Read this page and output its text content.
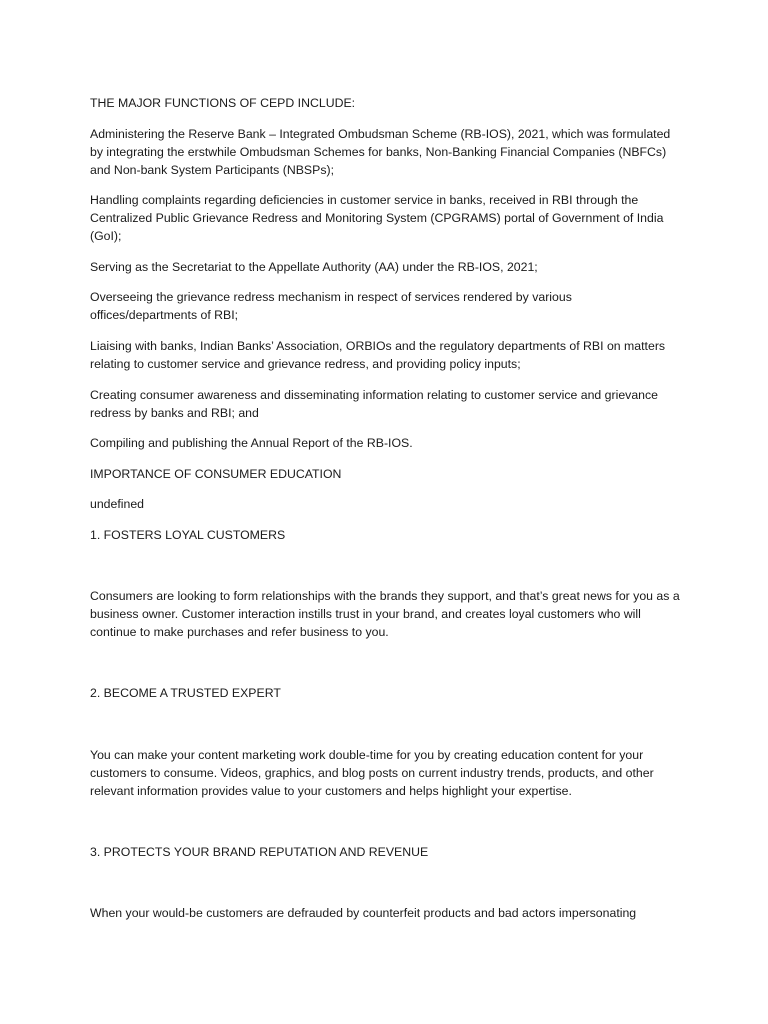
THE MAJOR FUNCTIONS OF CEPD INCLUDE:

Administering the Reserve Bank – Integrated Ombudsman Scheme (RB-IOS), 2021, which was formulated by integrating the erstwhile Ombudsman Schemes for banks, Non-Banking Financial Companies (NBFCs) and Non-bank System Participants (NBSPs);

Handling complaints regarding deficiencies in customer service in banks, received in RBI through the Centralized Public Grievance Redress and Monitoring System (CPGRAMS) portal of Government of India (GoI);

Serving as the Secretariat to the Appellate Authority (AA) under the RB-IOS, 2021;

Overseeing the grievance redress mechanism in respect of services rendered by various offices/departments of RBI;

Liaising with banks, Indian Banks’ Association, ORBIOs and the regulatory departments of RBI on matters relating to customer service and grievance redress, and providing policy inputs;

Creating consumer awareness and disseminating information relating to customer service and grievance redress by banks and RBI; and

Compiling and publishing the Annual Report of the RB-IOS.

IMPORTANCE OF CONSUMER EDUCATION

undefined

1. FOSTERS LOYAL CUSTOMERS

Consumers are looking to form relationships with the brands they support, and that’s great news for you as a business owner. Customer interaction instills trust in your brand, and creates loyal customers who will continue to make purchases and refer business to you.

2. BECOME A TRUSTED EXPERT

You can make your content marketing work double-time for you by creating education content for your customers to consume. Videos, graphics, and blog posts on current industry trends, products, and other relevant information provides value to your customers and helps highlight your expertise.

3. PROTECTS YOUR BRAND REPUTATION AND REVENUE

When your would-be customers are defrauded by counterfeit products and bad actors impersonating
